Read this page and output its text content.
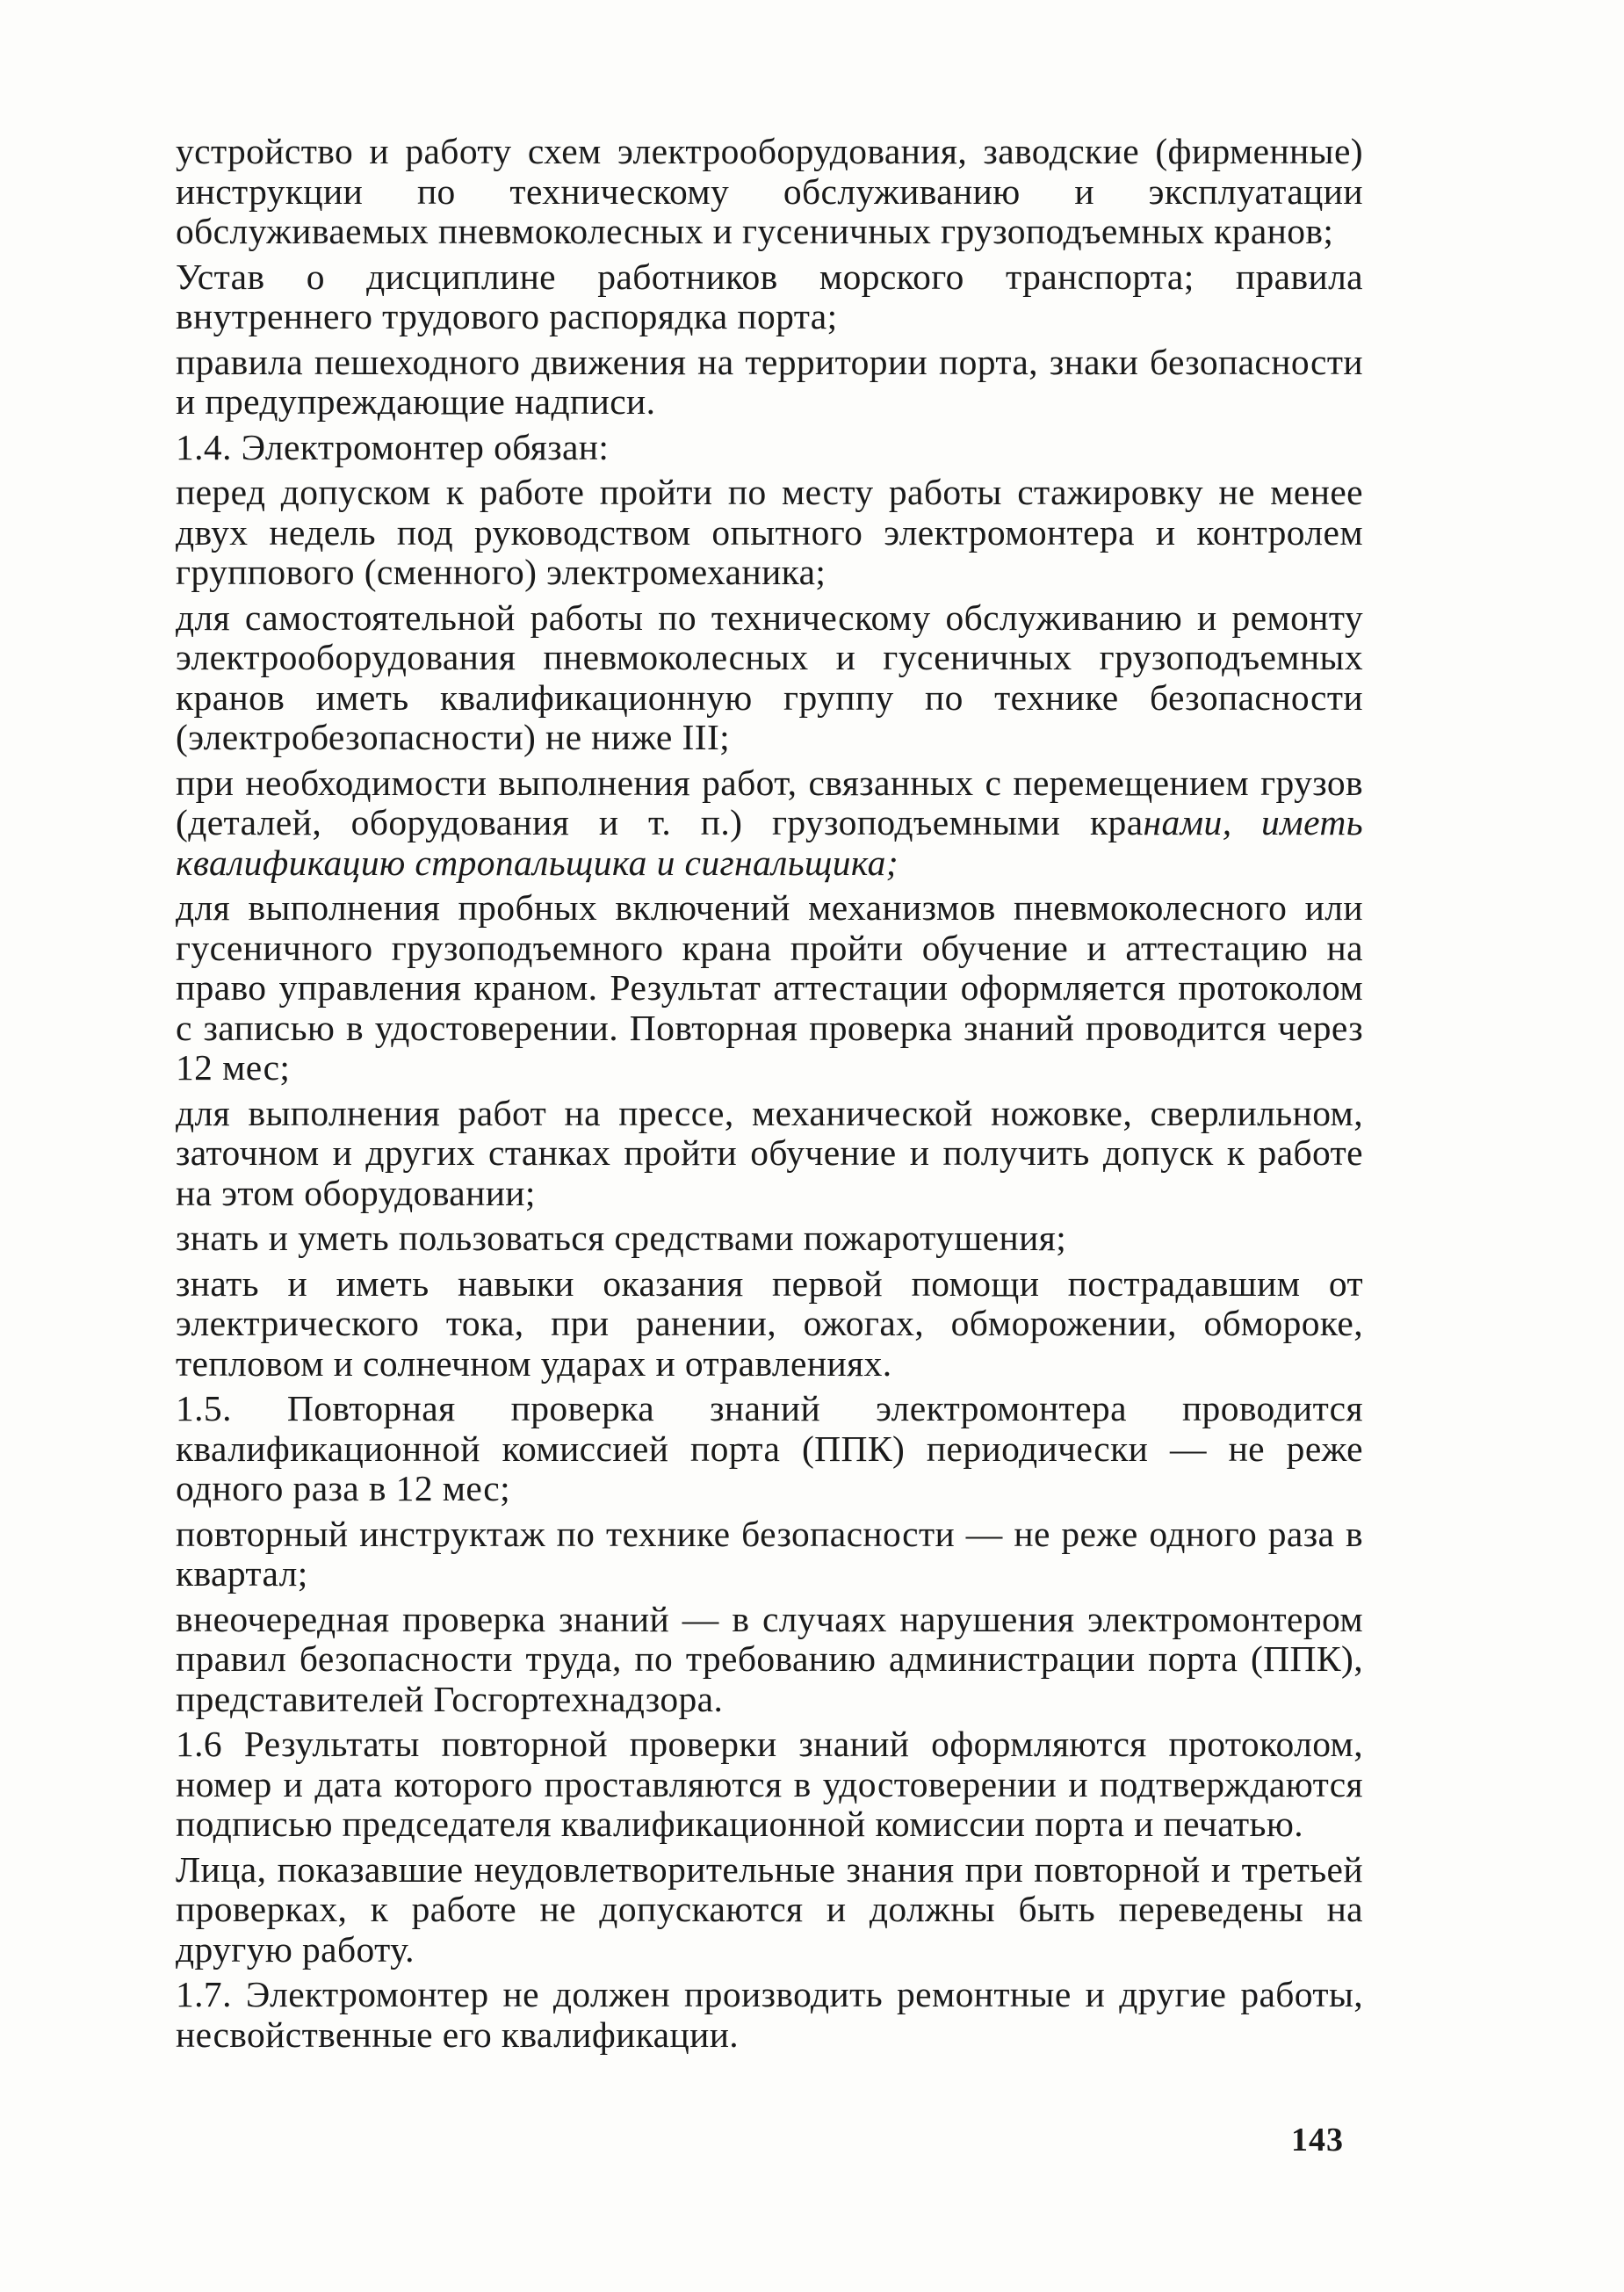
устройство и работу схем электрооборудования, заводские (фирменные) инструкции по техническому обслуживанию и эксплуатации обслуживаемых пневмоколесных и гусеничных грузоподъемных кранов;

Устав о дисциплине работников морского транспорта; правила внутреннего трудового распорядка порта;

правила пешеходного движения на территории порта, знаки безопасности и предупреждающие надписи.

1.4. Электромонтер обязан:

перед допуском к работе пройти по месту работы стажировку не менее двух недель под руководством опытного электромонтера и контролем группового (сменного) электромеханика;

для самостоятельной работы по техническому обслуживанию и ремонту электрооборудования пневмоколесных и гусеничных грузоподъемных кранов иметь квалификационную группу по технике безопасности (электробезопасности) не ниже III;

при необходимости выполнения работ, связанных с перемещением грузов (деталей, оборудования и т. п.) грузоподъемными кранами, иметь квалификацию стропальщика и сигнальщика;

для выполнения пробных включений механизмов пневмоколесного или гусеничного грузоподъемного крана пройти обучение и аттестацию на право управления краном. Результат аттестации оформляется протоколом с записью в удостоверении. Повторная проверка знаний проводится через 12 мес;

для выполнения работ на прессе, механической ножовке, сверлильном, заточном и других станках пройти обучение и получить допуск к работе на этом оборудовании;

знать и уметь пользоваться средствами пожаротушения;

знать и иметь навыки оказания первой помощи пострадавшим от электрического тока, при ранении, ожогах, обморожении, обмороке, тепловом и солнечном ударах и отравлениях.

1.5. Повторная проверка знаний электромонтера проводится квалификационной комиссией порта (ППК) периодически — не реже одного раза в 12 мес;

повторный инструктаж по технике безопасности — не реже одного раза в квартал;

внеочередная проверка знаний — в случаях нарушения электромонтером правил безопасности труда, по требованию администрации порта (ППК), представителей Госгортехнадзора.

1.6 Результаты повторной проверки знаний оформляются протоколом, номер и дата которого проставляются в удостоверении и подтверждаются подписью председателя квалификационной комиссии порта и печатью.

Лица, показавшие неудовлетворительные знания при повторной и третьей проверках, к работе не допускаются и должны быть переведены на другую работу.

1.7. Электромонтер не должен производить ремонтные и другие работы, несвойственные его квалификации.

143
